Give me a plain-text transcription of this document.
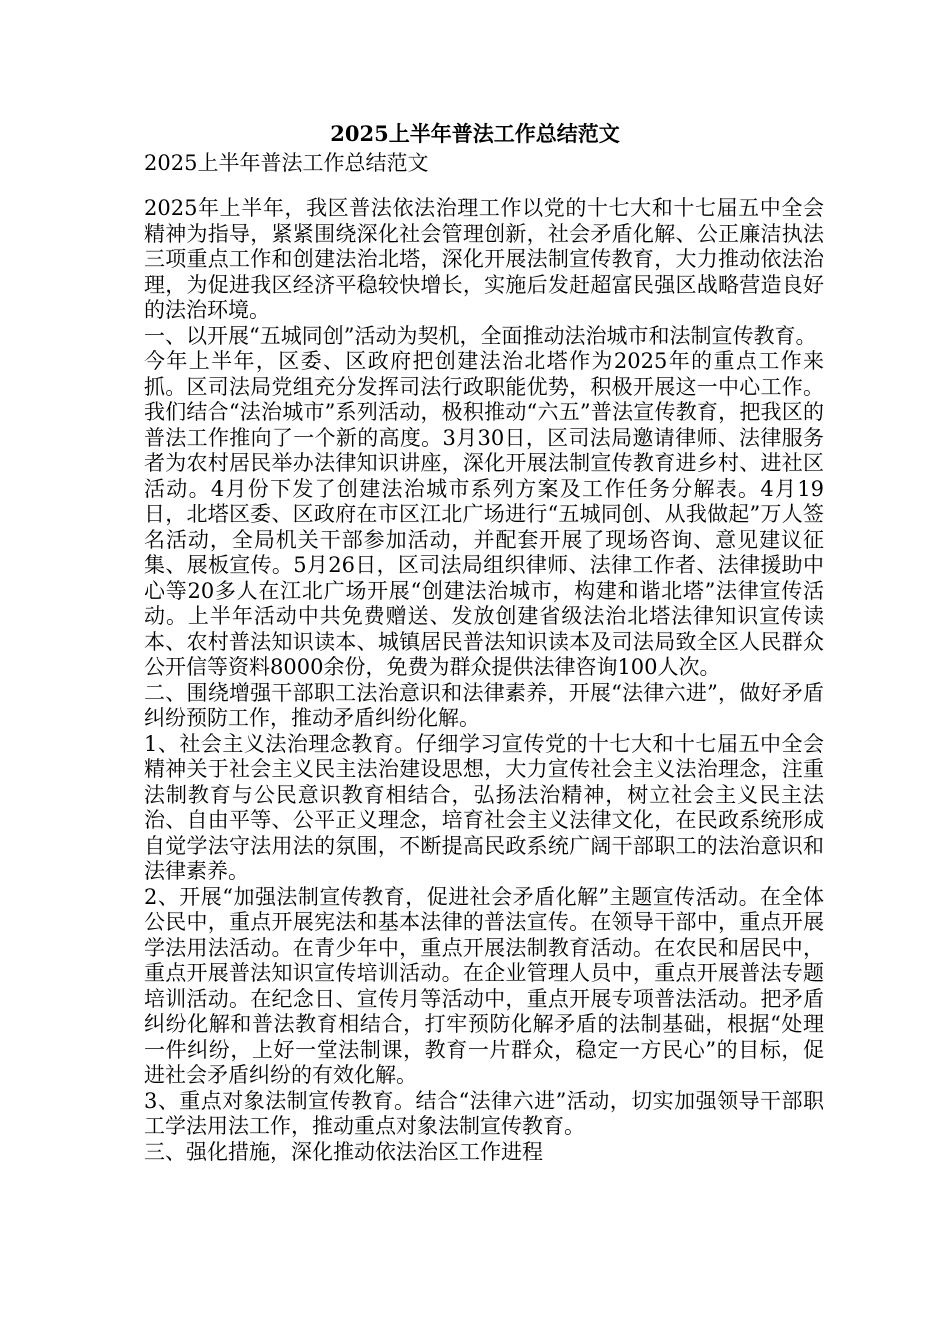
2025上半年普法工作总结范文

2025上半年普法工作总结范文

2025年上半年，我区普法依法治理工作以党的十七大和十七届五中全会精神为指导，紧紧围绕深化社会管理创新，社会矛盾化解、公正廉洁执法三项重点工作和创建法治北塔，深化开展法制宣传教育，大力推动依法治理，为促进我区经济平稳较快增长，实施后发赶超富民强区战略营造良好的法治环境。

一、以开展“五城同创”活动为契机，全面推动法治城市和法制宣传教育。

今年上半年，区委、区政府把创建法治北塔作为2025年的重点工作来抓。区司法局党组充分发挥司法行政职能优势，积极开展这一中心工作。我们结合“法治城市”系列活动，极积推动“六五”普法宣传教育，把我区的普法工作推向了一个新的高度。3月30日，区司法局邀请律师、法律服务者为农村居民举办法律知识讲座，深化开展法制宣传教育进乡村、进社区活动。4月份下发了创建法治城市系列方案及工作任务分解表。4月19日，北塔区委、区政府在市区江北广场进行“五城同创、从我做起”万人签名活动，全局机关干部参加活动，并配套开展了现场咨询、意见建议征集、展板宣传。5月26日，区司法局组织律师、法律工作者、法律援助中心等20多人在江北广场开展“创建法治城市，构建和谐北塔”法律宣传活动。上半年活动中共免费赠送、发放创建省级法治北塔法律知识宣传读本、农村普法知识读本、城镇居民普法知识读本及司法局致全区人民群众公开信等资料8000余份，免费为群众提供法律咨询100人次。

二、围绕增强干部职工法治意识和法律素养，开展“法律六进”，做好矛盾纠纷预防工作，推动矛盾纠纷化解。

1、社会主义法治理念教育。仔细学习宣传党的十七大和十七届五中全会精神关于社会主义民主法治建设思想，大力宣传社会主义法治理念，注重法制教育与公民意识教育相结合，弘扬法治精神，树立社会主义民主法治、自由平等、公平正义理念，培育社会主义法律文化，在民政系统形成自觉学法守法用法的氛围，不断提高民政系统广阔干部职工的法治意识和法律素养。

2、开展“加强法制宣传教育，促进社会矛盾化解”主题宣传活动。在全体公民中，重点开展宪法和基本法律的普法宣传。在领导干部中，重点开展学法用法活动。在青少年中，重点开展法制教育活动。在农民和居民中，重点开展普法知识宣传培训活动。在企业管理人员中，重点开展普法专题培训活动。在纪念日、宣传月等活动中，重点开展专项普法活动。把矛盾纠纷化解和普法教育相结合，打牢预防化解矛盾的法制基础，根据“处理一件纠纷，上好一堂法制课，教育一片群众，稳定一方民心”的目标，促进社会矛盾纠纷的有效化解。

3、重点对象法制宣传教育。结合“法律六进”活动，切实加强领导干部职工学法用法工作，推动重点对象法制宣传教育。

三、强化措施，深化推动依法治区工作进程
